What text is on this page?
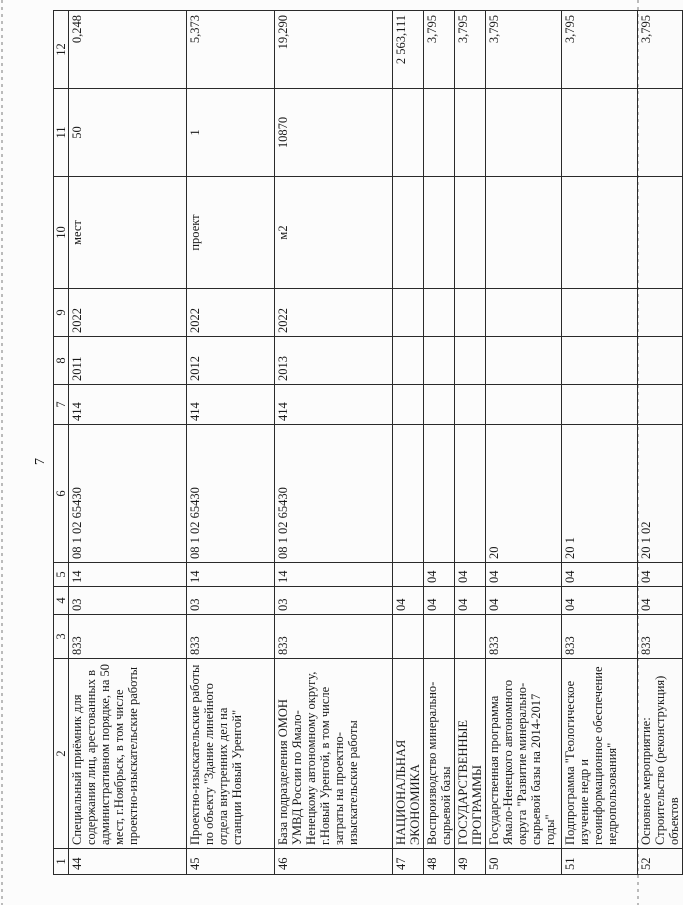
7
1	2	3	4	5	6	7	8	9	10	11	12
44	Специальный приёмник для содержания лиц, арестованных в административном порядке, на 50 мест, г.Ноябрьск, в том числе проектно-изыскательские работы	833	03	14	08 1 02 65430	414	2011	2022	мест	50	0,248
45	Проектно-изыскательские работы по объекту "Здание линейного отдела внутренних дел на станции Новый Уренгой"	833	03	14	08 1 02 65430	414	2012	2022	проект	1	5,373
46	База подразделения ОМОН УМВД России по Ямало-Ненецкому автономному округу, г.Новый Уренгой, в том числе затраты на проектно-изыскательские работы	833	03	14	08 1 02 65430	414	2013	2022	м2	10870	19,290
47	НАЦИОНАЛЬНАЯ ЭКОНОМИКА		04								2 563,111
48	Воспроизводство минерально-сырьевой базы		04	04							3,795
49	ГОСУДАРСТВЕННЫЕ ПРОГРАММЫ		04	04							3,795
50	Государственная программа Ямало-Ненецкого автономного округа "Развитие минерально-сырьевой базы на 2014-2017 годы"	833	04	04	20						3,795
51	Подпрограмма "Геологическое изучение недр и геоинформационное обеспечение недропользования"	833	04	04	20 1						3,795
52	Основное мероприятие: Строительство (реконструкция) объектов	833	04	04	20 1 02						3,795
